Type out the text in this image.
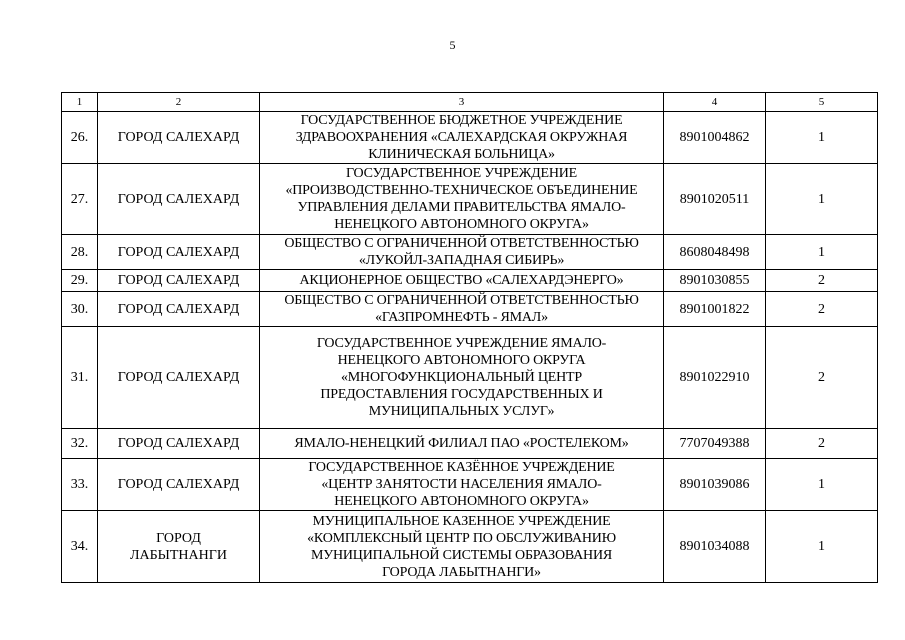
5
1	2	3	4	5
26.	ГОРОД САЛЕХАРД	ГОСУДАРСТВЕННОЕ БЮДЖЕТНОЕ УЧРЕЖДЕНИЕ
ЗДРАВООХРАНЕНИЯ «САЛЕХАРДСКАЯ ОКРУЖНАЯ
КЛИНИЧЕСКАЯ БОЛЬНИЦА»	8901004862	1
27.	ГОРОД САЛЕХАРД	ГОСУДАРСТВЕННОЕ УЧРЕЖДЕНИЕ
«ПРОИЗВОДСТВЕННО-ТЕХНИЧЕСКОЕ ОБЪЕДИНЕНИЕ
УПРАВЛЕНИЯ ДЕЛАМИ ПРАВИТЕЛЬСТВА ЯМАЛО-
НЕНЕЦКОГО АВТОНОМНОГО ОКРУГА»	8901020511	1
28.	ГОРОД САЛЕХАРД	ОБЩЕСТВО С ОГРАНИЧЕННОЙ ОТВЕТСТВЕННОСТЬЮ
«ЛУКОЙЛ-ЗАПАДНАЯ СИБИРЬ»	8608048498	1
29.	ГОРОД САЛЕХАРД	АКЦИОНЕРНОЕ ОБЩЕСТВО «САЛЕХАРДЭНЕРГО»	8901030855	2
30.	ГОРОД САЛЕХАРД	ОБЩЕСТВО С ОГРАНИЧЕННОЙ ОТВЕТСТВЕННОСТЬЮ
«ГАЗПРОМНЕФТЬ - ЯМАЛ»	8901001822	2
31.	ГОРОД САЛЕХАРД	ГОСУДАРСТВЕННОЕ УЧРЕЖДЕНИЕ ЯМАЛО-
НЕНЕЦКОГО АВТОНОМНОГО ОКРУГА
«МНОГОФУНКЦИОНАЛЬНЫЙ ЦЕНТР
ПРЕДОСТАВЛЕНИЯ ГОСУДАРСТВЕННЫХ И
МУНИЦИПАЛЬНЫХ УСЛУГ»	8901022910	2
32.	ГОРОД САЛЕХАРД	ЯМАЛО-НЕНЕЦКИЙ ФИЛИАЛ ПАО «РОСТЕЛЕКОМ»	7707049388	2
33.	ГОРОД САЛЕХАРД	ГОСУДАРСТВЕННОЕ КАЗЁННОЕ УЧРЕЖДЕНИЕ
«ЦЕНТР ЗАНЯТОСТИ НАСЕЛЕНИЯ ЯМАЛО-
НЕНЕЦКОГО АВТОНОМНОГО ОКРУГА»	8901039086	1
34.	ГОРОД
ЛАБЫТНАНГИ	МУНИЦИПАЛЬНОЕ КАЗЕННОЕ УЧРЕЖДЕНИЕ
«КОМПЛЕКСНЫЙ ЦЕНТР ПО ОБСЛУЖИВАНИЮ
МУНИЦИПАЛЬНОЙ СИСТЕМЫ ОБРАЗОВАНИЯ
ГОРОДА ЛАБЫТНАНГИ»	8901034088	1
